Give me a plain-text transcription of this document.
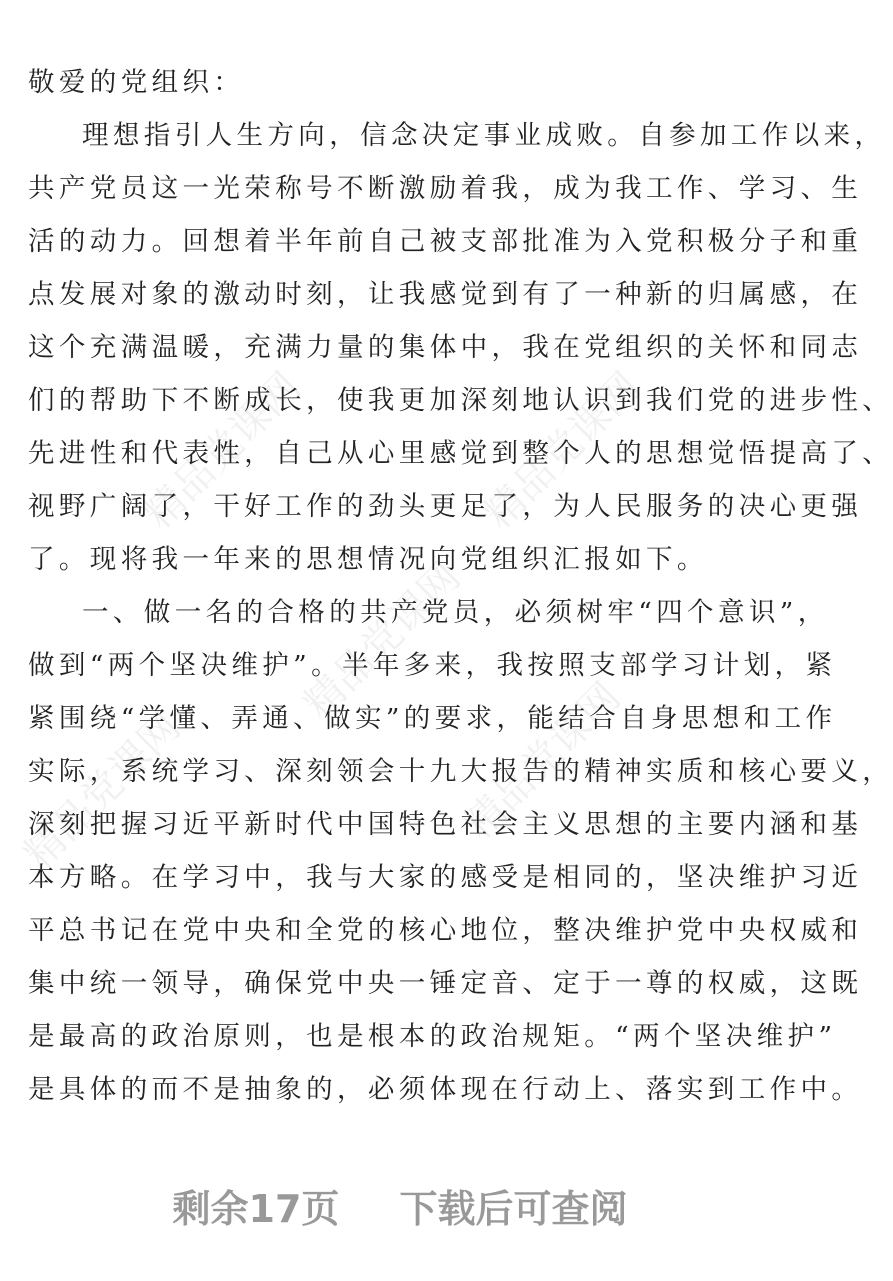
精品党课网	精品党课网
精品党课网
精品党课网	精品党课网
敬爱的党组织：
理想指引人生方向，信念决定事业成败。自参加工作以来，
共产党员这一光荣称号不断激励着我，成为我工作、学习、生
活的动力。回想着半年前自己被支部批准为入党积极分子和重
点发展对象的激动时刻，让我感觉到有了一种新的归属感，在
这个充满温暖，充满力量的集体中，我在党组织的关怀和同志
们的帮助下不断成长，使我更加深刻地认识到我们党的进步性、
先进性和代表性，自己从心里感觉到整个人的思想觉悟提高了、
视野广阔了，干好工作的劲头更足了，为人民服务的决心更强
了。现将我一年来的思想情况向党组织汇报如下。
一、做一名的合格的共产党员，必须树牢“四个意识”，
做到“两个坚决维护”。半年多来，我按照支部学习计划，紧
紧围绕“学懂、弄通、做实”的要求，能结合自身思想和工作
实际，系统学习、深刻领会十九大报告的精神实质和核心要义，
深刻把握习近平新时代中国特色社会主义思想的主要内涵和基
本方略。在学习中，我与大家的感受是相同的，坚决维护习近
平总书记在党中央和全党的核心地位，整决维护党中央权威和
集中统一领导，确保党中央一锤定音、定于一尊的权威，这既
是最高的政治原则，也是根本的政治规矩。“两个坚决维护”
是具体的而不是抽象的，必须体现在行动上、落实到工作中。
剩余17页 下载后可查阅
